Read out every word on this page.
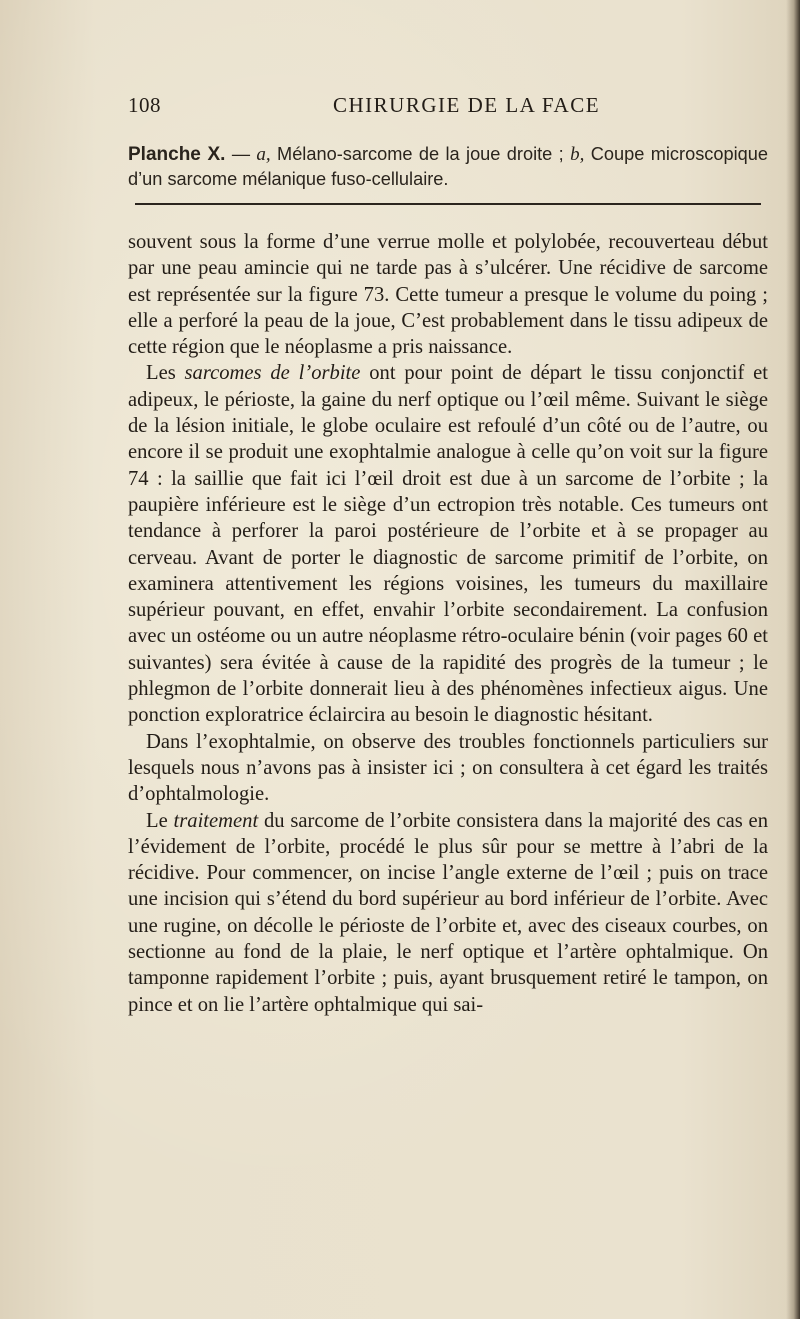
108	CHIRURGIE DE LA FACE
Planche X. — a, Mélano-sarcome de la joue droite ; b, Coupe microscopique d’un sarcome mélanique fuso-cellulaire.

souvent sous la forme d’une verrue molle et polylobée, recouverteau début par une peau amincie qui ne tarde pas à s’ulcérer. Une récidive de sarcome est représentée sur la figure 73. Cette tumeur a presque le volume du poing ; elle a perforé la peau de la joue, C’est probablement dans le tissu adipeux de cette région que le néoplasme a pris naissance.

Les sarcomes de l’orbite ont pour point de départ le tissu conjonctif et adipeux, le périoste, la gaine du nerf optique ou l’œil même. Suivant le siège de la lésion initiale, le globe oculaire est refoulé d’un côté ou de l’autre, ou encore il se produit une exophtalmie analogue à celle qu’on voit sur la figure 74 : la saillie que fait ici l’œil droit est due à un sarcome de l’orbite ; la paupière inférieure est le siège d’un ectropion très notable. Ces tumeurs ont tendance à perforer la paroi postérieure de l’orbite et à se propager au cerveau. Avant de porter le diagnostic de sarcome primitif de l’orbite, on examinera attentivement les régions voisines, les tumeurs du maxillaire supérieur pouvant, en effet, envahir l’orbite secondairement. La confusion avec un ostéome ou un autre néoplasme rétro-oculaire bénin (voir pages 60 et suivantes) sera évitée à cause de la rapidité des progrès de la tumeur ; le phlegmon de l’orbite donnerait lieu à des phénomènes infectieux aigus. Une ponction exploratrice éclaircira au besoin le diagnostic hésitant.

Dans l’exophtalmie, on observe des troubles fonctionnels particuliers sur lesquels nous n’avons pas à insister ici ; on consultera à cet égard les traités d’ophtalmologie.

Le traitement du sarcome de l’orbite consistera dans la majorité des cas en l’évidement de l’orbite, procédé le plus sûr pour se mettre à l’abri de la récidive. Pour commencer, on incise l’angle externe de l’œil ; puis on trace une incision qui s’étend du bord supérieur au bord inférieur de l’orbite. Avec une rugine, on décolle le périoste de l’orbite et, avec des ciseaux courbes, on sectionne au fond de la plaie, le nerf optique et l’artère ophtalmique. On tamponne rapidement l’orbite ; puis, ayant brusquement retiré le tampon, on pince et on lie l’artère ophtalmique qui sai-
